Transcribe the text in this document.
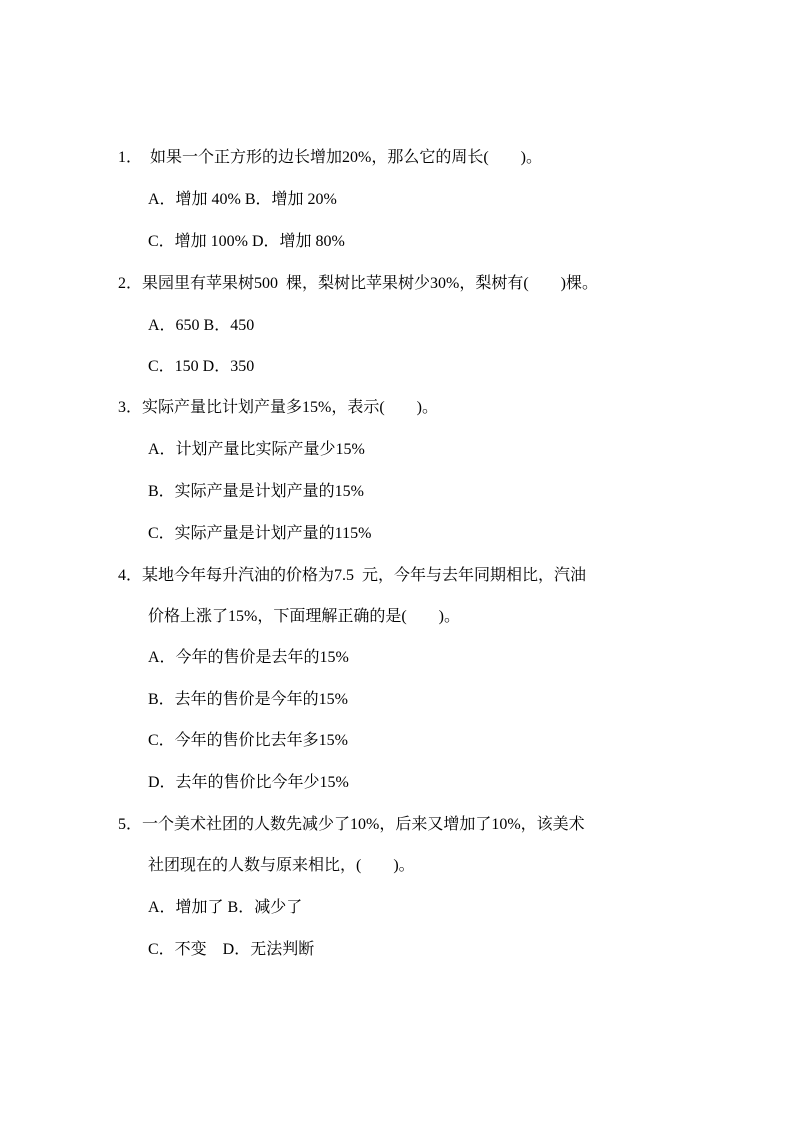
1．  如果一个正方形的边长增加20%，那么它的周长(        )。
A．增加 40% B．增加 20%
C．增加 100% D．增加 80%
2．果园里有苹果树500  棵，梨树比苹果树少30%，梨树有(        )棵。
A．650 B．450
C．150 D．350
3．实际产量比计划产量多15%，表示(        )。
A．计划产量比实际产量少15%
B．实际产量是计划产量的15%
C．实际产量是计划产量的115%
4．某地今年每升汽油的价格为7.5  元，今年与去年同期相比，汽油
价格上涨了15%，下面理解正确的是(        )。
A．今年的售价是去年的15%
B．去年的售价是今年的15%
C．今年的售价比去年多15%
D．去年的售价比今年少15%
5．一个美术社团的人数先减少了10%，后来又增加了10%，该美术
社团现在的人数与原来相比，(        )。
A．增加了 B．减少了
C．不变    D．无法判断
